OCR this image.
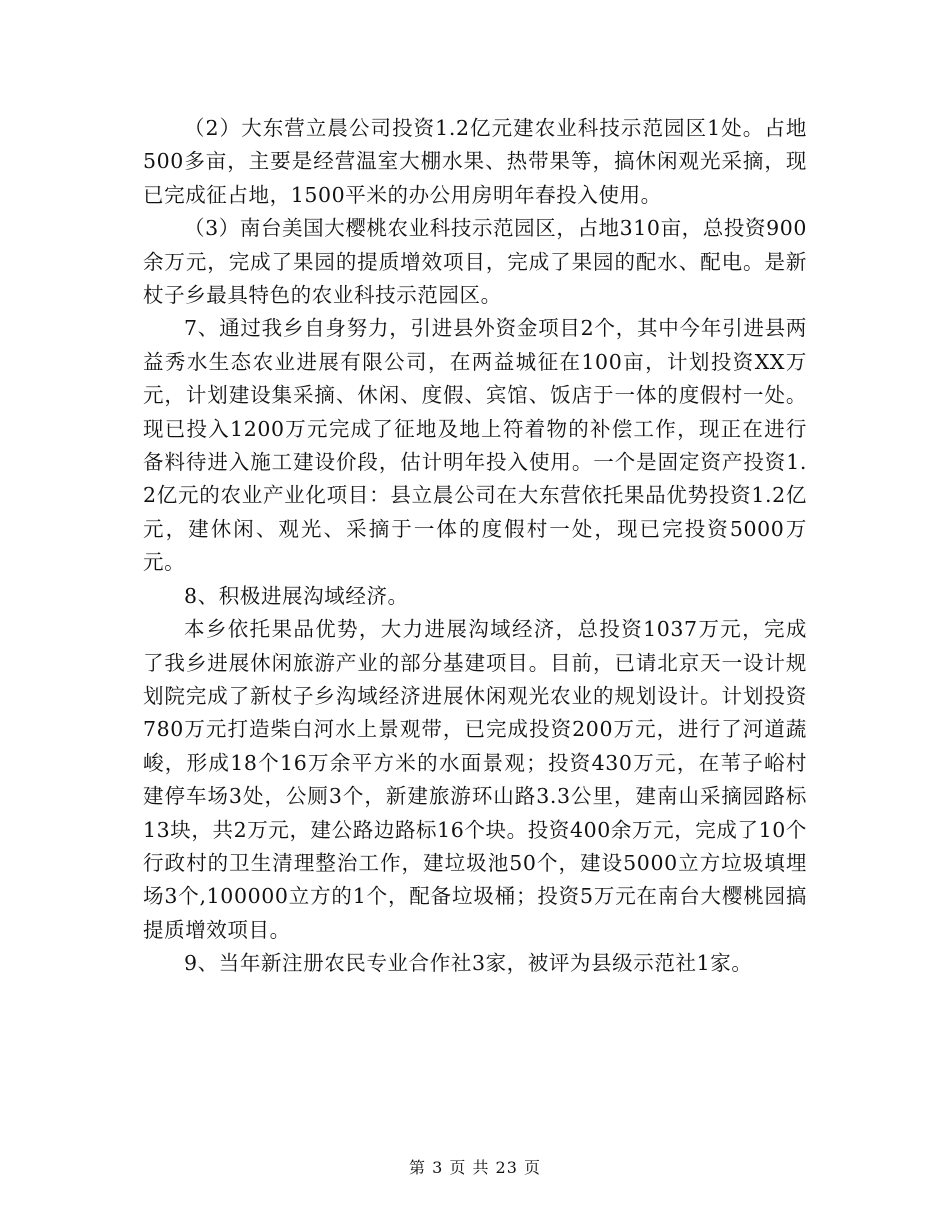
（2）大东营立晨公司投资1.2亿元建农业科技示范园区1处。占地500多亩，主要是经营温室大棚水果、热带果等，搞休闲观光采摘，现已完成征占地，1500平米的办公用房明年春投入使用。

（3）南台美国大樱桃农业科技示范园区，占地310亩，总投资900余万元，完成了果园的提质增效项目，完成了果园的配水、配电。是新杖子乡最具特色的农业科技示范园区。

7、通过我乡自身努力，引进县外资金项目2个，其中今年引进县两益秀水生态农业进展有限公司，在两益城征在100亩，计划投资XX万元，计划建设集采摘、休闲、度假、宾馆、饭店于一体的度假村一处。现已投入1200万元完成了征地及地上符着物的补偿工作，现正在进行备料待进入施工建设价段，估计明年投入使用。一个是固定资产投资1.2亿元的农业产业化项目：县立晨公司在大东营依托果品优势投资1.2亿元，建休闲、观光、采摘于一体的度假村一处，现已完投资5000万元。

8、积极进展沟域经济。

本乡依托果品优势，大力进展沟域经济，总投资1037万元，完成了我乡进展休闲旅游产业的部分基建项目。目前，已请北京天一设计规划院完成了新杖子乡沟域经济进展休闲观光农业的规划设计。计划投资780万元打造柴白河水上景观带，已完成投资200万元，进行了河道蔬峻，形成18个16万余平方米的水面景观；投资430万元，在苇子峪村建停车场3处，公厕3个，新建旅游环山路3.3公里，建南山采摘园路标13块，共2万元，建公路边路标16个块。投资400余万元，完成了10个行政村的卫生清理整治工作，建垃圾池50个，建设5000立方垃圾填埋场3个,100000立方的1个，配备垃圾桶；投资5万元在南台大樱桃园搞提质增效项目。

9、当年新注册农民专业合作社3家，被评为县级示范社1家。

第 3 页 共 23 页
